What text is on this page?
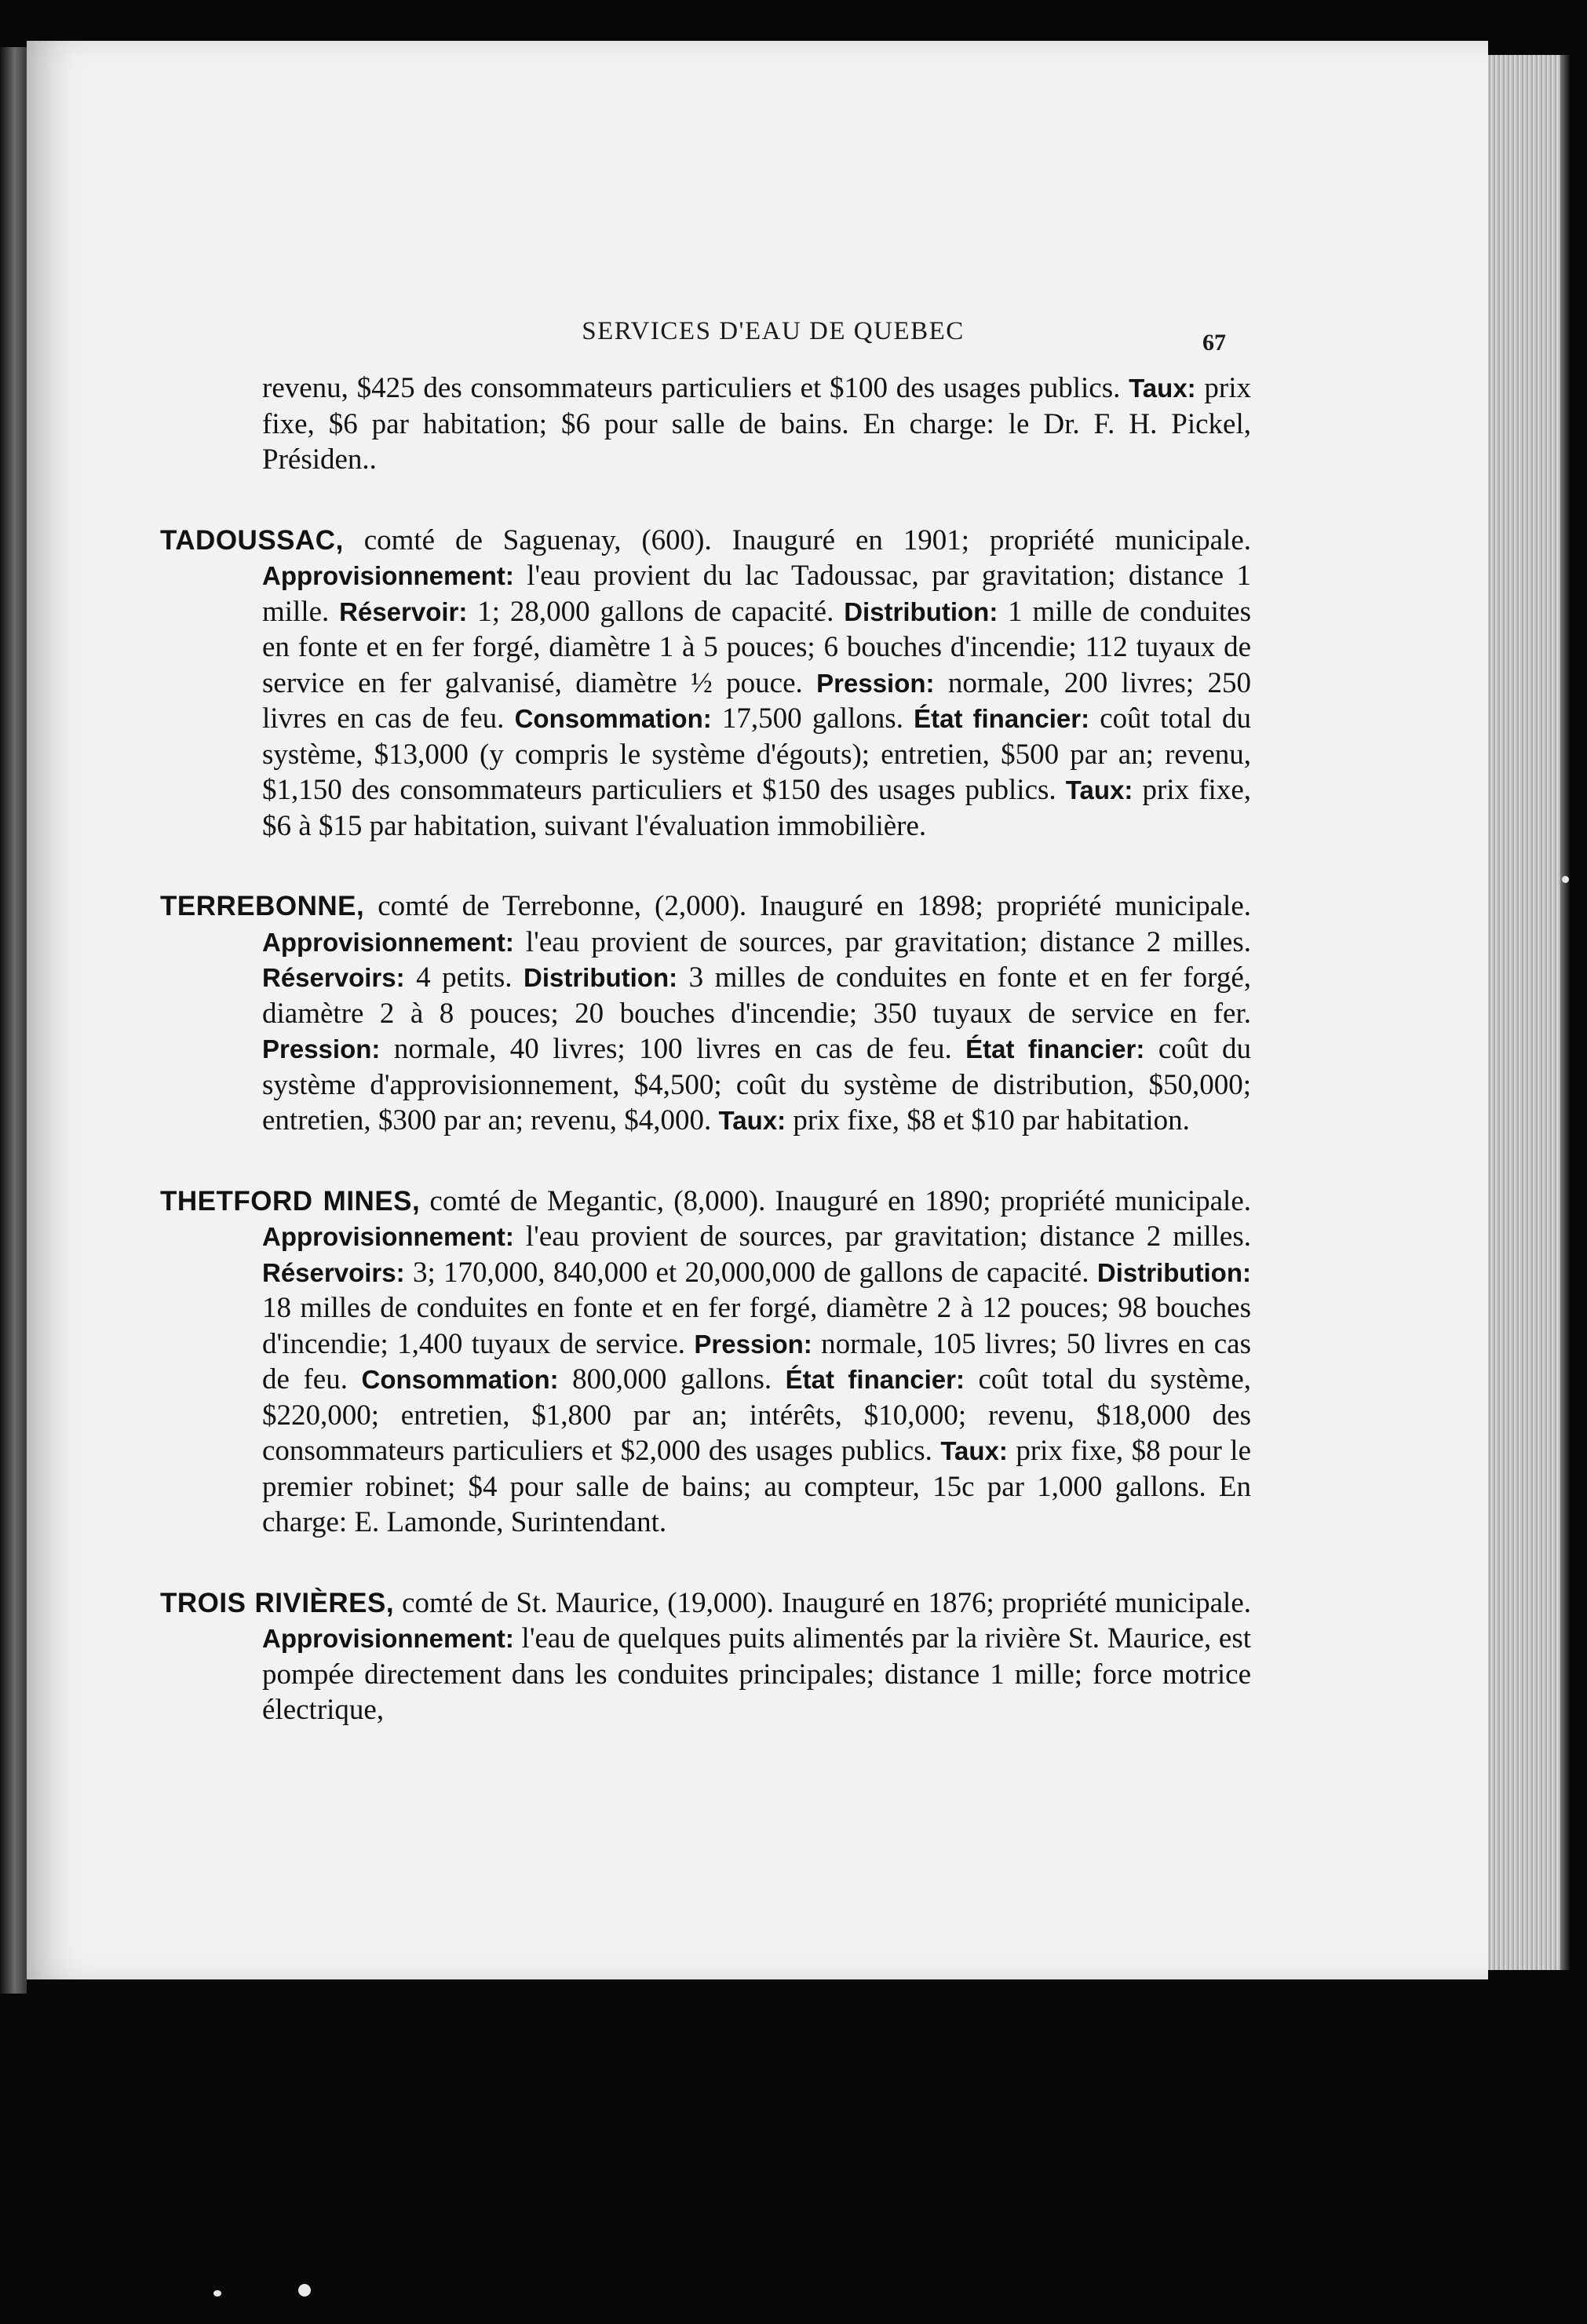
SERVICES D'EAU DE QUEBEC	67

revenu, $425 des consommateurs particuliers et $100 des usages publics. Taux: prix fixe, $6 par habitation; $6 pour salle de bains. En charge: le Dr. F. H. Pickel, Présiden..

TADOUSSAC, comté de Saguenay, (600). Inauguré en 1901; propriété municipale. Approvisionnement: l'eau provient du lac Tadoussac, par gravitation; distance 1 mille. Réservoir: 1; 28,000 gallons de capacité. Distribution: 1 mille de conduites en fonte et en fer forgé, diamètre 1 à 5 pouces; 6 bouches d'incendie; 112 tuyaux de service en fer galvanisé, diamètre ½ pouce. Pression: normale, 200 livres; 250 livres en cas de feu. Consommation: 17,500 gallons. État financier: coût total du système, $13,000 (y compris le système d'égouts); entretien, $500 par an; revenu, $1,150 des consommateurs particuliers et $150 des usages publics. Taux: prix fixe, $6 à $15 par habitation, suivant l'évaluation immobilière.

TERREBONNE, comté de Terrebonne, (2,000). Inauguré en 1898; propriété municipale. Approvisionnement: l'eau provient de sources, par gravitation; distance 2 milles. Réservoirs: 4 petits. Distribution: 3 milles de conduites en fonte et en fer forgé, diamètre 2 à 8 pouces; 20 bouches d'incendie; 350 tuyaux de service en fer. Pression: normale, 40 livres; 100 livres en cas de feu. État financier: coût du système d'approvisionnement, $4,500; coût du système de distribution, $50,000; entretien, $300 par an; revenu, $4,000. Taux: prix fixe, $8 et $10 par habitation.

THETFORD MINES, comté de Megantic, (8,000). Inauguré en 1890; propriété municipale. Approvisionnement: l'eau provient de sources, par gravitation; distance 2 milles. Réservoirs: 3; 170,000, 840,000 et 20,000,000 de gallons de capacité. Distribution: 18 milles de conduites en fonte et en fer forgé, diamètre 2 à 12 pouces; 98 bouches d'incendie; 1,400 tuyaux de service. Pression: normale, 105 livres; 50 livres en cas de feu. Consommation: 800,000 gallons. État financier: coût total du système, $220,000; entretien, $1,800 par an; intérêts, $10,000; revenu, $18,000 des consommateurs particuliers et $2,000 des usages publics. Taux: prix fixe, $8 pour le premier robinet; $4 pour salle de bains; au compteur, 15c par 1,000 gallons. En charge: E. Lamonde, Surintendant.

TROIS RIVIÈRES, comté de St. Maurice, (19,000). Inauguré en 1876; propriété municipale. Approvisionnement: l'eau de quelques puits alimentés par la rivière St. Maurice, est pompée directement dans les conduites principales; distance 1 mille; force motrice électrique,
